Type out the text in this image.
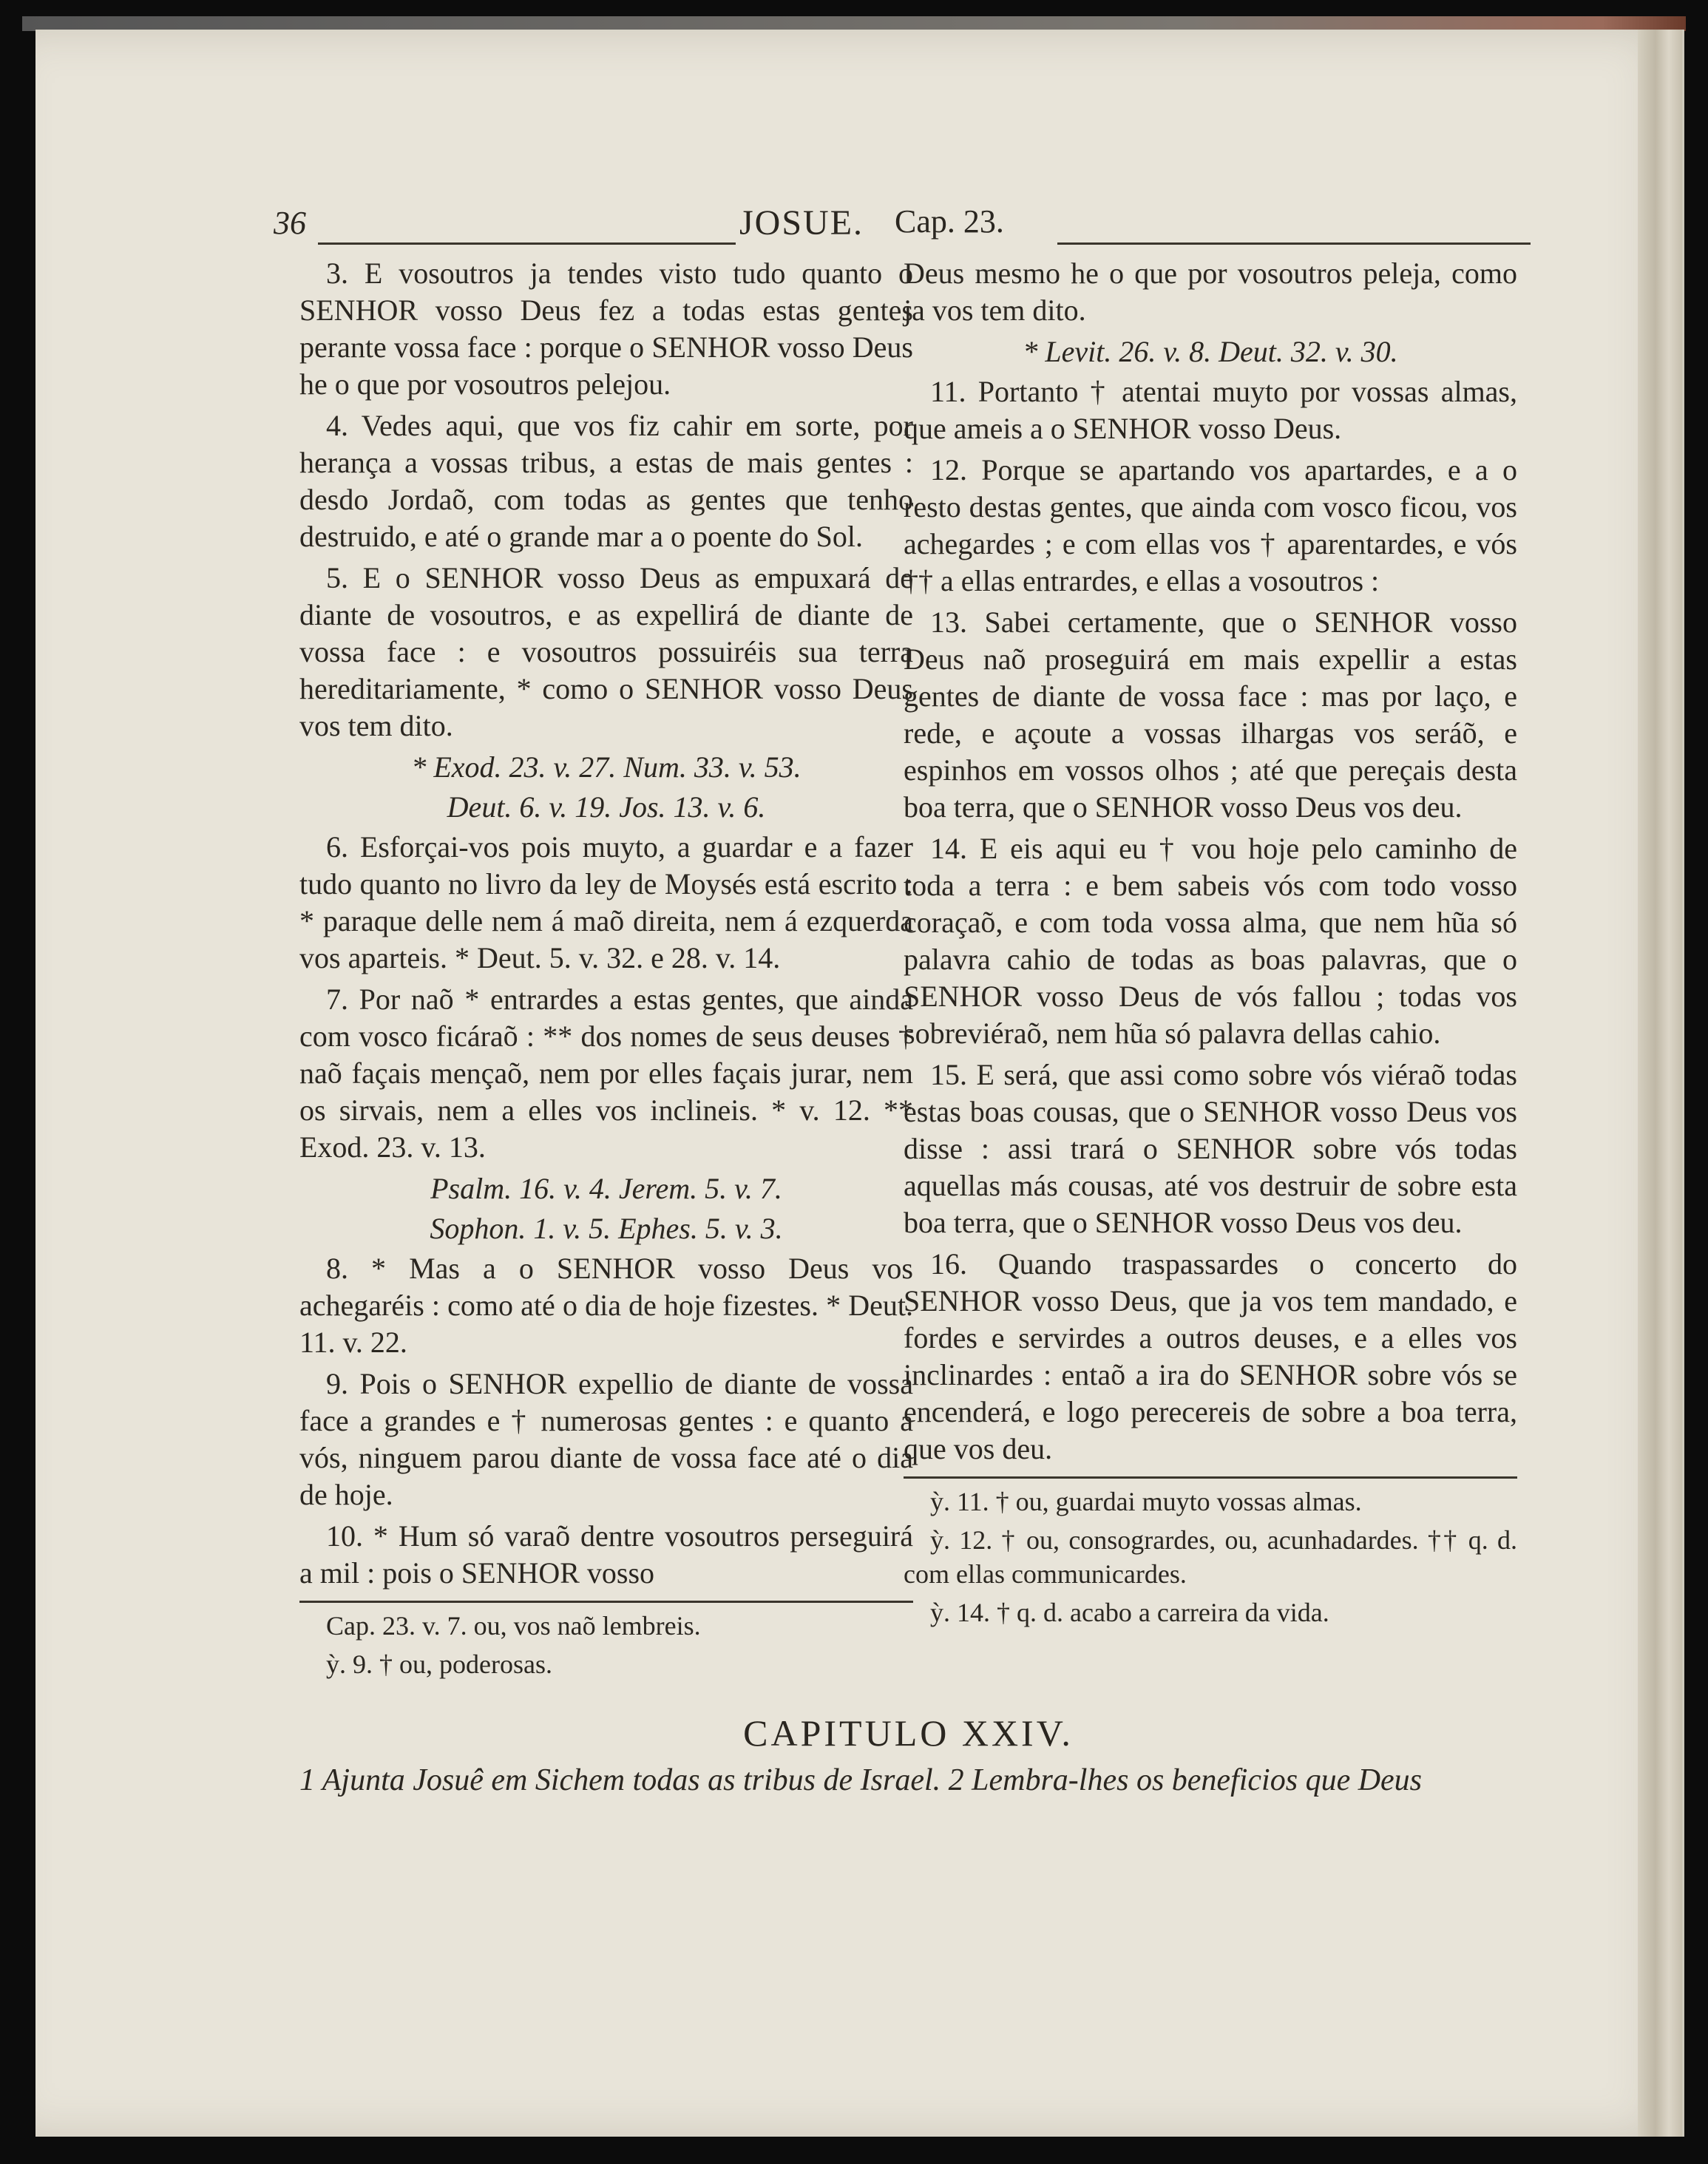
36	JOSUE. Cap. 23.

3. E vosoutros ja tendes visto tudo quanto o SENHOR vosso Deus fez a todas estas gentes perante vossa face : porque o SENHOR vosso Deus he o que por vosoutros pelejou.

4. Vedes aqui, que vos fiz cahir em sorte, por herança a vossas tribus, a estas de mais gentes : desdo Jordaõ, com todas as gentes que tenho destruido, e até o grande mar a o poente do Sol.

5. E o SENHOR vosso Deus as empuxará de diante de vosoutros, e as expellirá de diante de vossa face : e vosoutros possuiréis sua terra hereditariamente, * como o SENHOR vosso Deus vos tem dito.

* Exod. 23. v. 27. Num. 33. v. 53.

Deut. 6. v. 19. Jos. 13. v. 6.

6. Esforçai-vos pois muyto, a guardar e a fazer tudo quanto no livro da ley de Moysés está escrito : * paraque delle nem á maõ direita, nem á ezquerda vos aparteis. * Deut. 5. v. 32. e 28. v. 14.

7. Por naõ * entrardes a estas gentes, que ainda com vosco ficáraõ : ** dos nomes de seus deuses † naõ façais mençaõ, nem por elles façais jurar, nem os sirvais, nem a elles vos inclineis. * v. 12. ** Exod. 23. v. 13.

Psalm. 16. v. 4. Jerem. 5. v. 7.

Sophon. 1. v. 5. Ephes. 5. v. 3.

8. * Mas a o SENHOR vosso Deus vos achegaréis : como até o dia de hoje fizestes. * Deut. 11. v. 22.

9. Pois o SENHOR expellio de diante de vossa face a grandes e † numerosas gentes : e quanto a vós, ninguem parou diante de vossa face até o dia de hoje.

10. * Hum só varaõ dentre vosoutros perseguirá a mil : pois o SENHOR vosso

Cap. 23. v. 7. ou, vos naõ lembreis.

ỳ. 9. † ou, poderosas.

Deus mesmo he o que por vosoutros peleja, como ja vos tem dito.

* Levit. 26. v. 8. Deut. 32. v. 30.

11. Portanto † atentai muyto por vossas almas, que ameis a o SENHOR vosso Deus.

12. Porque se apartando vos apartardes, e a o resto destas gentes, que ainda com vosco ficou, vos achegardes ; e com ellas vos † aparentardes, e vós †† a ellas entrardes, e ellas a vosoutros :

13. Sabei certamente, que o SENHOR vosso Deus naõ proseguirá em mais expellir a estas gentes de diante de vossa face : mas por laço, e rede, e açoute a vossas ilhargas vos seráõ, e espinhos em vossos olhos ; até que pereçais desta boa terra, que o SENHOR vosso Deus vos deu.

14. E eis aqui eu † vou hoje pelo caminho de toda a terra : e bem sabeis vós com todo vosso coraçaõ, e com toda vossa alma, que nem hũa só palavra cahio de todas as boas palavras, que o SENHOR vosso Deus de vós fallou ; todas vos sobreviéraõ, nem hũa só palavra dellas cahio.

15. E será, que assi como sobre vós viéraõ todas estas boas cousas, que o SENHOR vosso Deus vos disse : assi trará o SENHOR sobre vós todas aquellas más cousas, até vos destruir de sobre esta boa terra, que o SENHOR vosso Deus vos deu.

16. Quando traspassardes o concerto do SENHOR vosso Deus, que ja vos tem mandado, e fordes e servirdes a outros deuses, e a elles vos inclinardes : entaõ a ira do SENHOR sobre vós se encenderá, e logo perecereis de sobre a boa terra, que vos deu.

ỳ. 11. † ou, guardai muyto vossas almas.

ỳ. 12. † ou, consogrardes, ou, acunhadardes. †† q. d. com ellas communicardes.

ỳ. 14. † q. d. acabo a carreira da vida.

CAPITULO XXIV.
1 Ajunta Josuê em Sichem todas as tribus de Israel. 2 Lembra-lhes os beneficios que Deus
